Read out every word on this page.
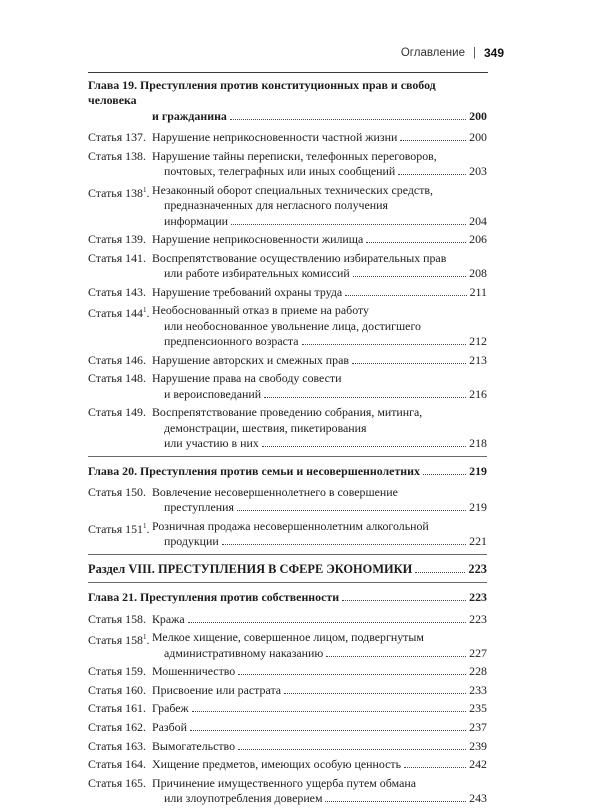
Оглавление | 349
Глава 19. Преступления против конституционных прав и свобод человека
и гражданина	200
Статья 137. Нарушение неприкосновенности частной жизни	200
Статья 138. Нарушение тайны переписки, телефонных переговоров,
почтовых, телеграфных или иных сообщений	203
Статья $138^1$. Незаконный оборот специальных технических средств,
предназначенных для негласного получения
информации	204
Статья 139. Нарушение неприкосновенности жилища	206
Статья 141. Воспрепятствование осуществлению избирательных прав
или работе избирательных комиссий	208
Статья 143. Нарушение требований охраны труда	211
Статья $144^1$. Необоснованный отказ в приеме на работу
или необоснованное увольнение лица, достигшего
предпенсионного возраста	212
Статья 146. Нарушение авторских и смежных прав	213
Статья 148. Нарушение права на свободу совести
и вероисповеданий	216
Статья 149. Воспрепятствование проведению собрания, митинга,
демонстрации, шествия, пикетирования
или участию в них	218
Глава 20. Преступления против семьи и несовершеннолетних	219
Статья 150. Вовлечение несовершеннолетнего в совершение
преступления	219
Статья $151^1$. Розничная продажа несовершеннолетним алкогольной
продукции	221
Раздел VIII. ПРЕСТУПЛЕНИЯ В СФЕРЕ ЭКОНОМИКИ	223
Глава 21. Преступления против собственности	223
Статья 158. Кража	223
Статья $158^1$. Мелкое хищение, совершенное лицом, подвергнутым
административному наказанию	227
Статья 159. Мошенничество	228
Статья 160. Присвоение или растрата	233
Статья 161. Грабеж	235
Статья 162. Разбой	237
Статья 163. Вымогательство	239
Статья 164. Хищение предметов, имеющих особую ценность	242
Статья 165. Причинение имущественного ущерба путем обмана
или злоупотребления доверием	243
